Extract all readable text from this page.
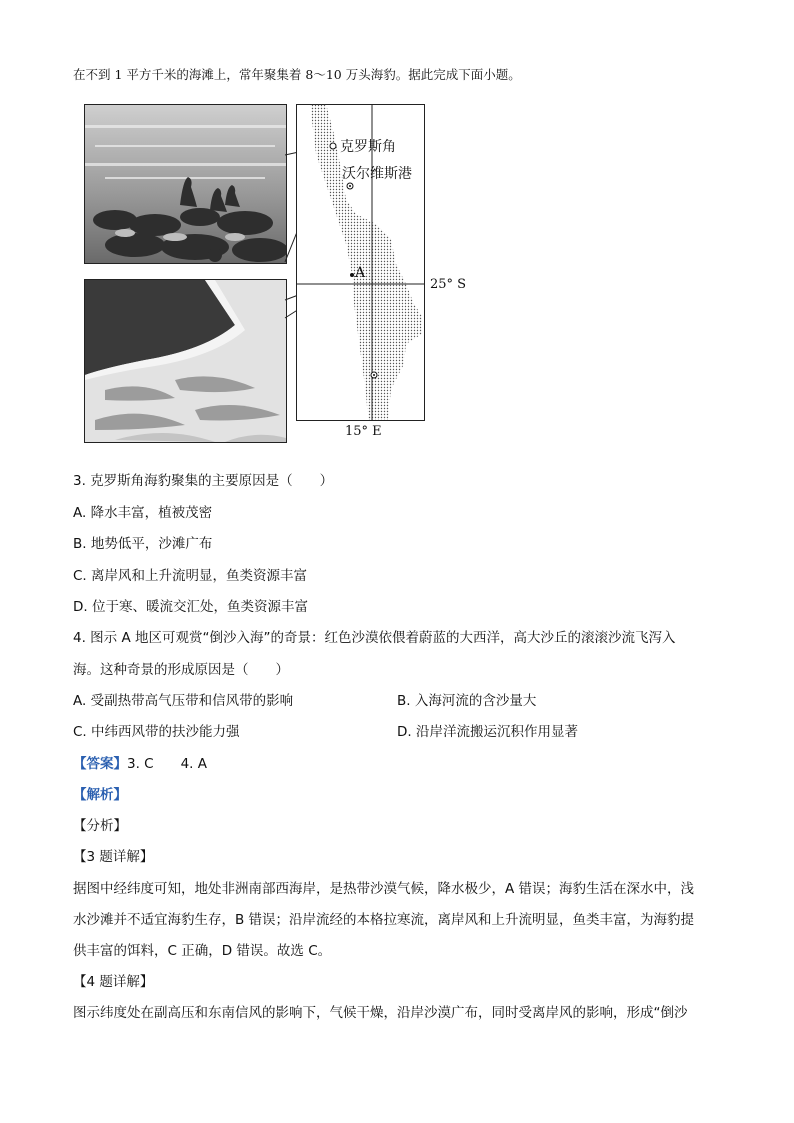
在不到 1 平方千米的海滩上，常年聚集着 8～10 万头海豹。据此完成下面小题。
克罗斯角
沃尔维斯港
A
25° S
15° E
3. 克罗斯角海豹聚集的主要原因是（　　）
A. 降水丰富，植被茂密
B. 地势低平，沙滩广布
C. 离岸风和上升流明显，鱼类资源丰富
D. 位于寒、暖流交汇处，鱼类资源丰富
4. 图示 A 地区可观赏“倒沙入海”的奇景：红色沙漠依偎着蔚蓝的大西洋，高大沙丘的滚滚沙流飞泻入
海。这种奇景的形成原因是（　　）
A. 受副热带高气压带和信风带的影响	B. 入海河流的含沙量大
C. 中纬西风带的扶沙能力强	D. 沿岸洋流搬运沉积作用显著
【答案】3. C　　4. A
【解析】
【分析】
【3 题详解】
据图中经纬度可知，地处非洲南部西海岸，是热带沙漠气候，降水极少，A 错误；海豹生活在深水中，浅
水沙滩并不适宜海豹生存，B 错误；沿岸流经的本格拉寒流，离岸风和上升流明显，鱼类丰富，为海豹提
供丰富的饵料，C 正确，D 错误。故选 C。
【4 题详解】
图示纬度处在副高压和东南信风的影响下，气候干燥，沿岸沙漠广布，同时受离岸风的影响，形成“倒沙
